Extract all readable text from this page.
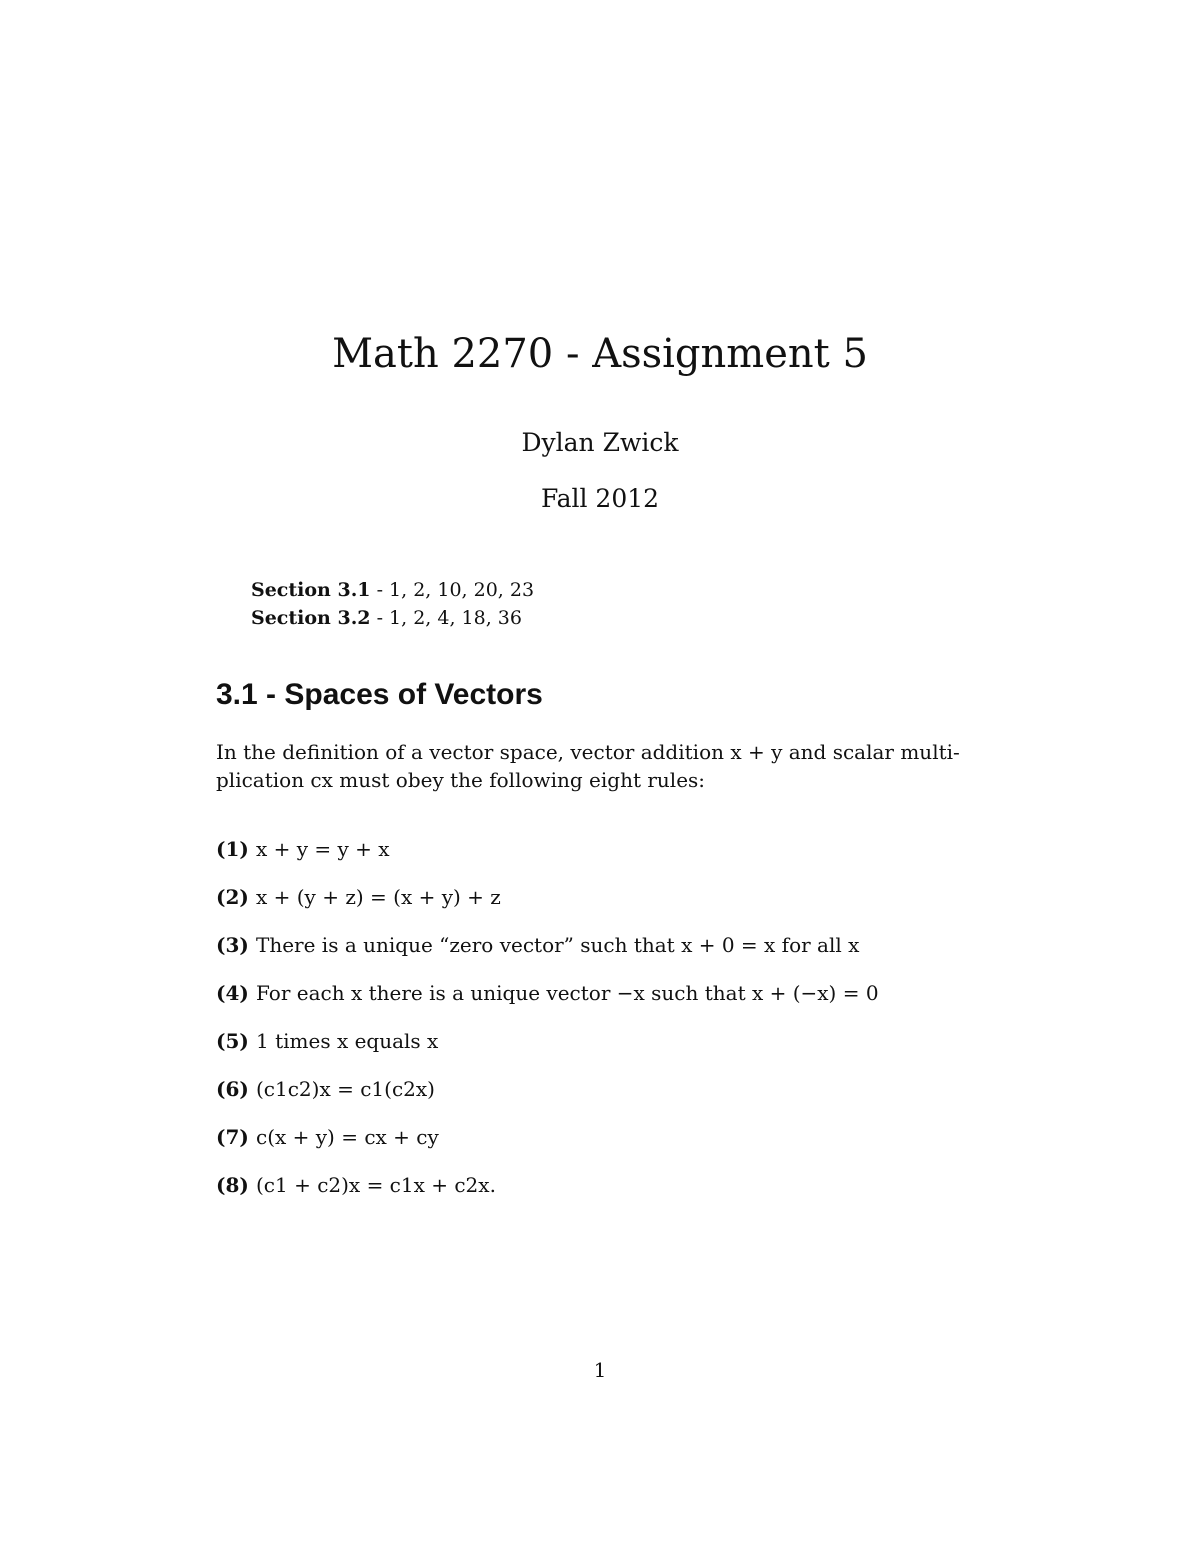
Math 2270 - Assignment 5
Dylan Zwick
Fall 2012
Section 3.1 - 1, 2, 10, 20, 23
Section 3.2 - 1, 2, 4, 18, 36
3.1 - Spaces of Vectors
In the definition of a vector space, vector addition x + y and scalar multi-
plication cx must obey the following eight rules:
(1) x + y = y + x
(2) x + (y + z) = (x + y) + z
(3) There is a unique “zero vector” such that x + 0 = x for all x
(4) For each x there is a unique vector −x such that x + (−x) = 0
(5) 1 times x equals x
(6) (c1c2)x = c1(c2x)
(7) c(x + y) = cx + cy
(8) (c1 + c2)x = c1x + c2x.
1
